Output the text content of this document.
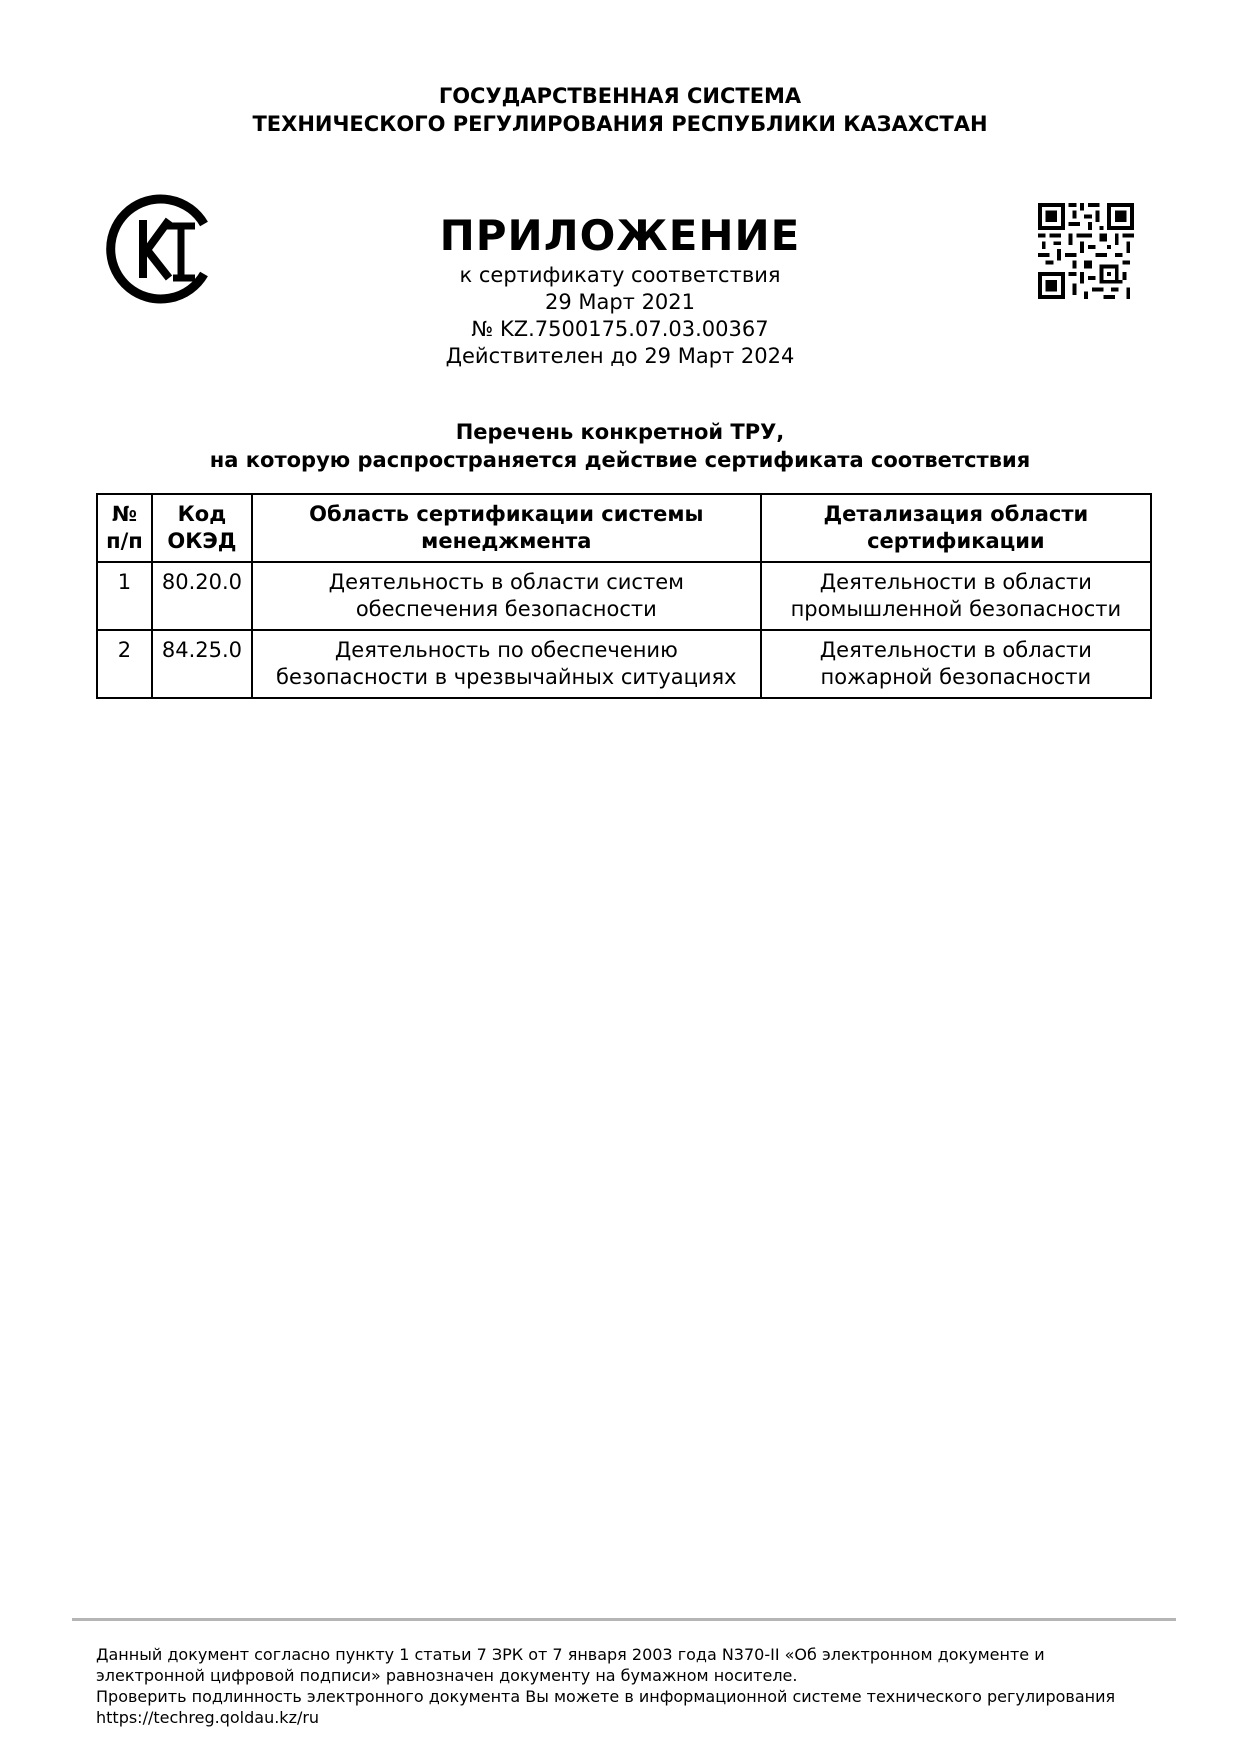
ГОСУДАРСТВЕННАЯ СИСТЕМА
ТЕХНИЧЕСКОГО РЕГУЛИРОВАНИЯ РЕСПУБЛИКИ КАЗАХСТАН
ПРИЛОЖЕНИЕ
к сертификату соответствия
29 Март 2021
№ KZ.7500175.07.03.00367
Действителен до 29 Март 2024
Перечень конкретной ТРУ,
на которую распространяется действие сертификата соответствия
№ п/п	Код ОКЭД	Область сертификации системы менеджмента	Детализация области сертификации
1	80.20.0	Деятельность в области систем обеспечения безопасности	Деятельности в области промышленной безопасности
2	84.25.0	Деятельность по обеспечению безопасности в чрезвычайных ситуациях	Деятельности в области пожарной безопасности
Данный документ согласно пункту 1 статьи 7 ЗРК от 7 января 2003 года N370-II «Об электронном документе и электронной цифровой подписи» равнозначен документу на бумажном носителе.
Проверить подлинность электронного документа Вы можете в информационной системе технического регулирования https://techreg.qoldau.kz/ru
